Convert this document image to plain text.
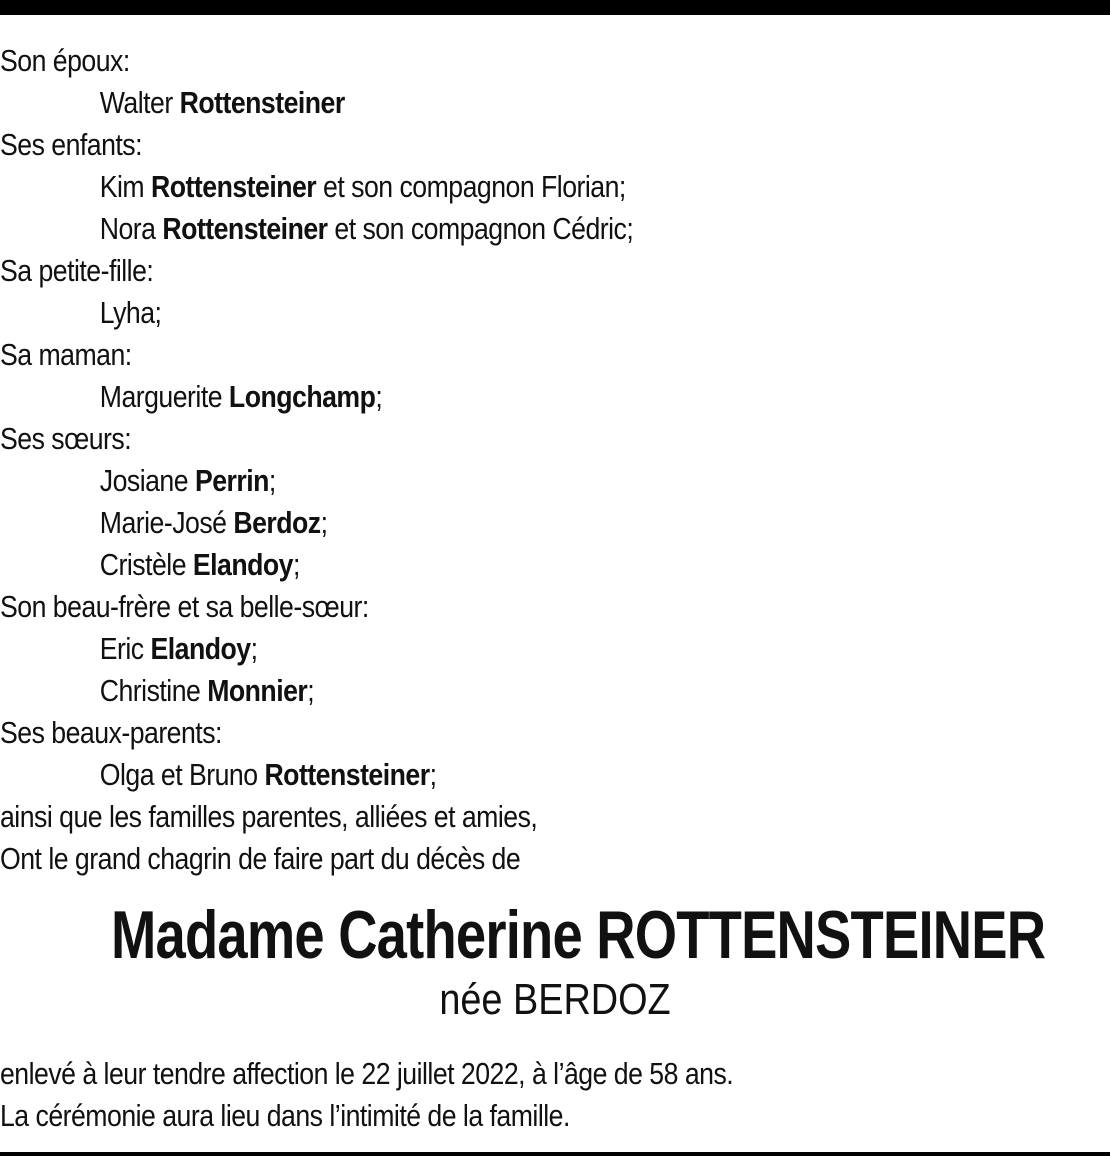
Son époux:
Walter Rottensteiner
Ses enfants:
Kim Rottensteiner et son compagnon Florian;
Nora Rottensteiner et son compagnon Cédric;
Sa petite-fille:
Lyha;
Sa maman:
Marguerite Longchamp;
Ses sœurs:
Josiane Perrin;
Marie-José Berdoz;
Cristèle Elandoy;
Son beau-frère et sa belle-sœur:
Eric Elandoy;
Christine Monnier;
Ses beaux-parents:
Olga et Bruno Rottensteiner;
ainsi que les familles parentes, alliées et amies,
Ont le grand chagrin de faire part du décès de
Madame Catherine ROTTENSTEINER
née BERDOZ
enlevé à leur tendre affection le 22 juillet 2022, à l’âge de 58 ans.
La cérémonie aura lieu dans l’intimité de la famille.
